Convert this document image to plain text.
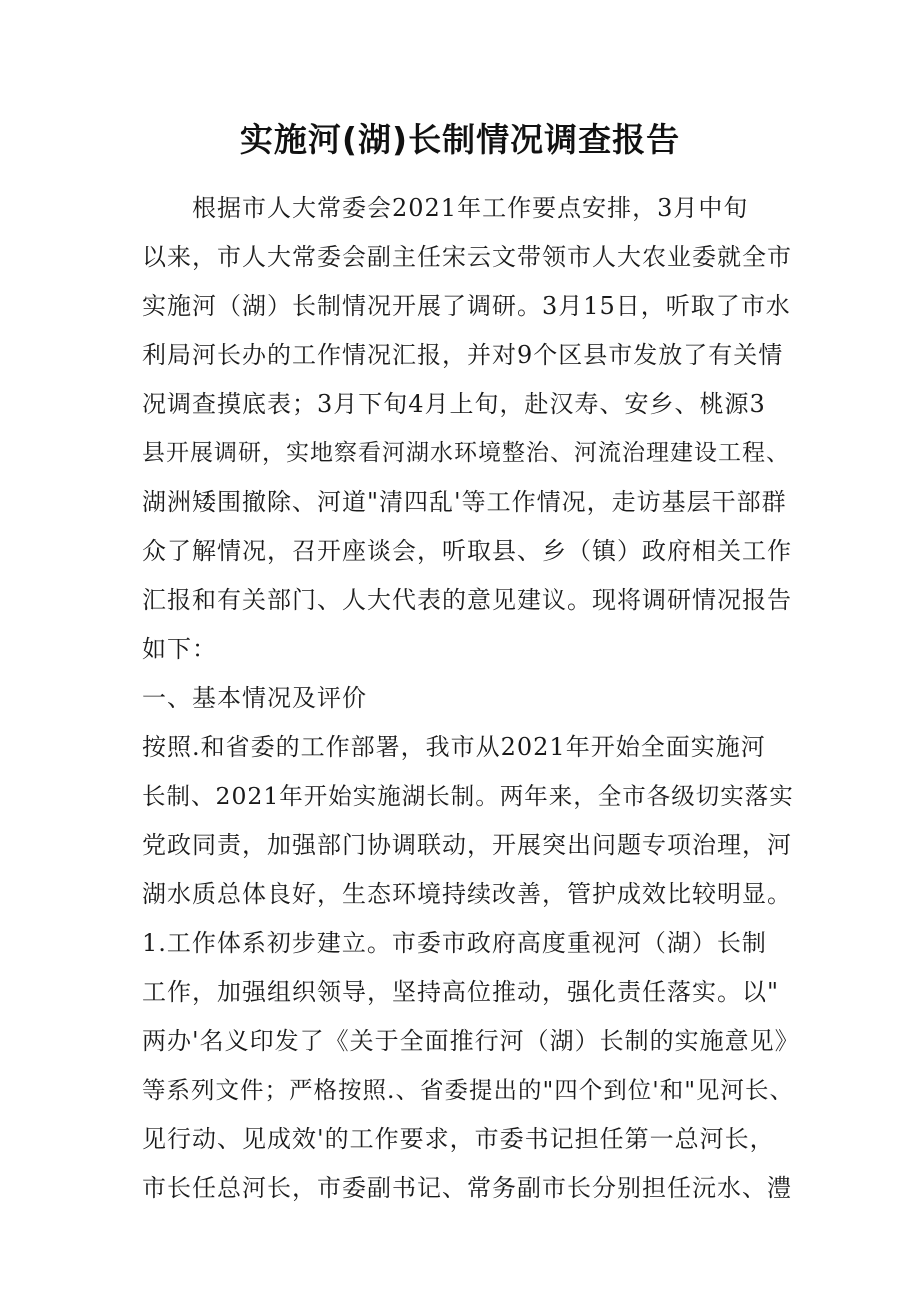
实施河(湖)长制情况调查报告
　　根据市人大常委会2021年工作要点安排，3月中旬
以来，市人大常委会副主任宋云文带领市人大农业委就全市
实施河（湖）长制情况开展了调研。3月15日，听取了市水
利局河长办的工作情况汇报，并对9个区县市发放了有关情
况调查摸底表；3月下旬4月上旬，赴汉寿、安乡、桃源3
县开展调研，实地察看河湖水环境整治、河流治理建设工程、
湖洲矮围撤除、河道"清四乱'等工作情况，走访基层干部群
众了解情况，召开座谈会，听取县、乡（镇）政府相关工作
汇报和有关部门、人大代表的意见建议。现将调研情况报告
如下：
一、基本情况及评价
按照.和省委的工作部署，我市从2021年开始全面实施河
长制、2021年开始实施湖长制。两年来，全市各级切实落实
党政同责，加强部门协调联动，开展突出问题专项治理，河
湖水质总体良好，生态环境持续改善，管护成效比较明显。
1.工作体系初步建立。市委市政府高度重视河（湖）长制
工作，加强组织领导，坚持高位推动，强化责任落实。以"
两办'名义印发了《关于全面推行河（湖）长制的实施意见》
等系列文件；严格按照.、省委提出的"四个到位'和"见河长、
见行动、见成效'的工作要求，市委书记担任第一总河长，
市长任总河长，市委副书记、常务副市长分别担任沅水、澧
